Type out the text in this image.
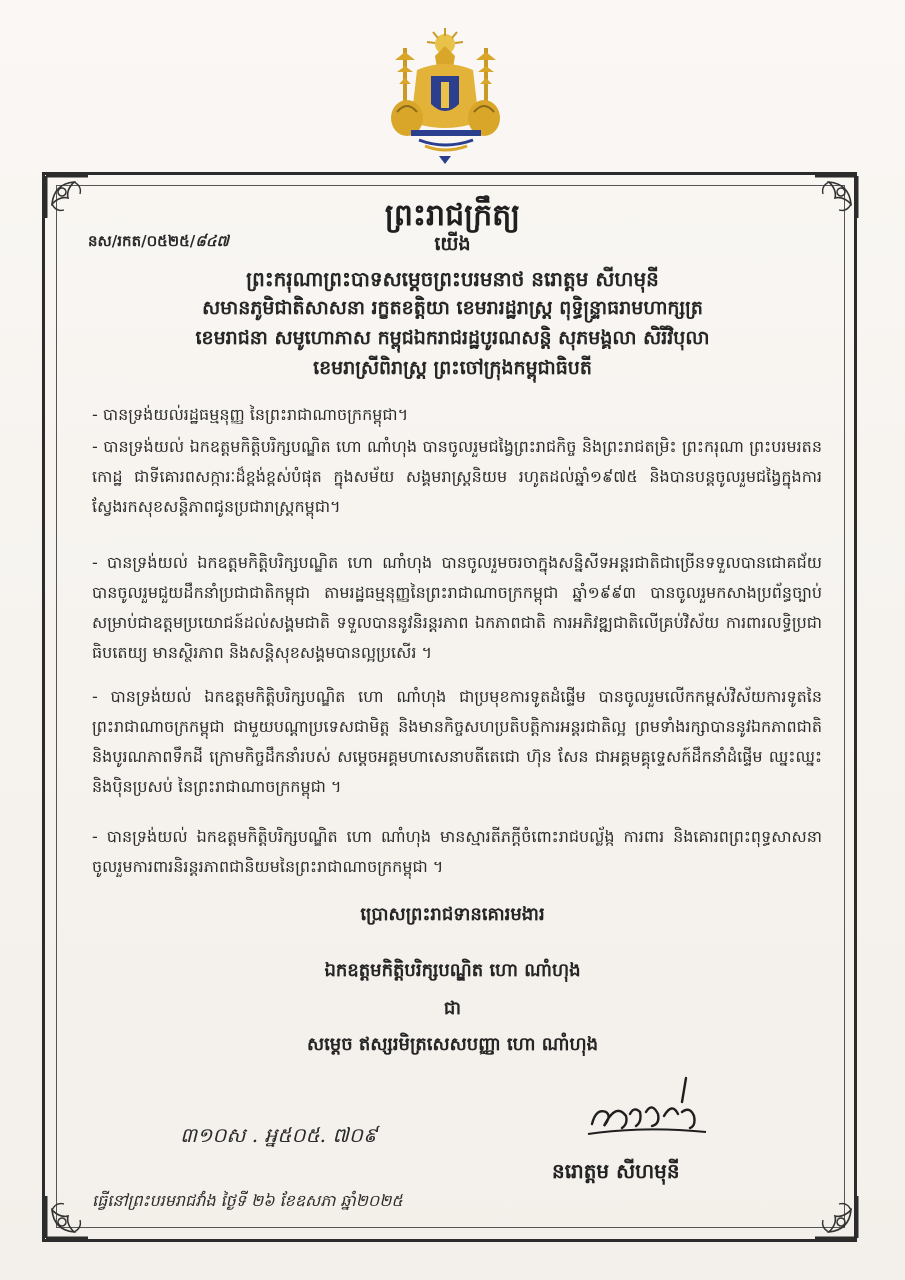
ព្រះរាជក្រឹត្យ
នស/រកត/០៥២៥/៨៤៧	យើង
ព្រះករុណាព្រះបាទសម្តេចព្រះបរមនាថ នរោត្តម សីហមុនី
សមានភូមិជាតិសាសនា រក្ខតខត្តិយា ខេមរារដ្ឋរាស្ត្រ ពុទ្ធិន្ទ្រាធរាមហាក្សត្រ
ខេមរាជនា សមូហោភាស កម្ពុជឯករាជរដ្ឋបូរណសន្តិ សុភមង្គលា សិរីវិបុលា
ខេមរាស្រីពិរាស្ត្រ ព្រះចៅក្រុងកម្ពុជាធិបតី

- បានទ្រង់យល់រដ្ឋធម្មនុញ្ញ នៃព្រះរាជាណាចក្រកម្ពុជា។

- បានទ្រង់យល់ ឯកឧត្តមកិត្តិបរិក្សបណ្ឌិត ហោ ណាំហុង បានចូលរួមជង្វៃព្រះរាជកិច្ច និងព្រះរាជតម្រិះ ព្រះករុណា ព្រះបរមរតនកោដ្ឋ ជាទីគោរពសក្ការៈដ៏ខ្ពង់ខ្ពស់បំផុត ក្នុងសម័យ សង្គមរាស្ត្រនិយម រហូតដល់ឆ្នាំ១៩៧៥ និងបានបន្តចូលរួមជង្វៃក្នុងការស្វែងរកសុខសន្តិភាពជូនប្រជារាស្ត្រកម្ពុជា។

- បានទ្រង់យល់ ឯកឧត្តមកិត្តិបរិក្សបណ្ឌិត ហោ ណាំហុង បានចូលរួមចរចាក្នុងសន្និសីទអន្តរជាតិជាច្រើនទទួលបានជោគជ័យ បានចូលរួមជួយដឹកនាំប្រជាជាតិកម្ពុជា តាមរដ្ឋធម្មនុញ្ញនៃព្រះរាជាណាចក្រកម្ពុជា ឆ្នាំ១៩៩៣ បានចូលរួមកសាងប្រព័ន្ធច្បាប់សម្រាប់ជាឧត្តមប្រយោជន៍ដល់សង្គមជាតិ ទទួលបាននូវនិរន្តរភាព ឯកភាពជាតិ ការអភិវឌ្ឍជាតិលើគ្រប់វិស័យ ការពារលទ្ធិប្រជាធិបតេយ្យ មានស្ថិរភាព និងសន្តិសុខសង្គមបានល្អប្រសើរ ។

- បានទ្រង់យល់ ឯកឧត្តមកិត្តិបរិក្សបណ្ឌិត ហោ ណាំហុង ជាប្រមុខការទូតដំផ្ទើម បានចូលរួមលើកកម្ពស់វិស័យការទូតនៃព្រះរាជាណាចក្រកម្ពុជា ជាមួយបណ្តាប្រទេសជាមិត្ត និងមានកិច្ចសហប្រតិបត្តិការអន្តរជាតិល្អ ព្រមទាំងរក្សាបាននូវឯកភាពជាតិ និងបូរណភាពទឹកដី ក្រោមកិច្ចដឹកនាំរបស់ សម្តេចអគ្គមហាសេនាបតីតេជោ ហ៊ុន សែន ជាអគ្គមគ្គុទ្ទេសក៍ដឹកនាំដំផ្ទើម ឈ្នះឈ្នះ និងប៉ិនប្រសប់ នៃព្រះរាជាណាចក្រកម្ពុជា ។

- បានទ្រង់យល់ ឯកឧត្តមកិត្តិបរិក្សបណ្ឌិត ហោ ណាំហុង មានស្មារតីភក្តីចំពោះរាជបល្ល័ង្ក ការពារ និងគោរពព្រះពុទ្ធសាសនា ចូលរួមការពារនិរន្តរភាពជានិយមនៃព្រះរាជាណាចក្រកម្ពុជា ។

ប្រោសព្រះរាជទានគោរមងារ
ឯកឧត្តមកិត្តិបរិក្សបណ្ឌិត ហោ ណាំហុង
ជា
សម្តេច ឥស្សរមិត្រសេសបញ្ញា ហោ ណាំហុង
៣១០ស . អ្ន៥០៥. ៧០៩
នរោត្តម សីហមុនី
ធ្វើនៅព្រះបរមរាជវាំង ថ្ងៃទី ២៦ ខែឧសភា ឆ្នាំ២០២៥
